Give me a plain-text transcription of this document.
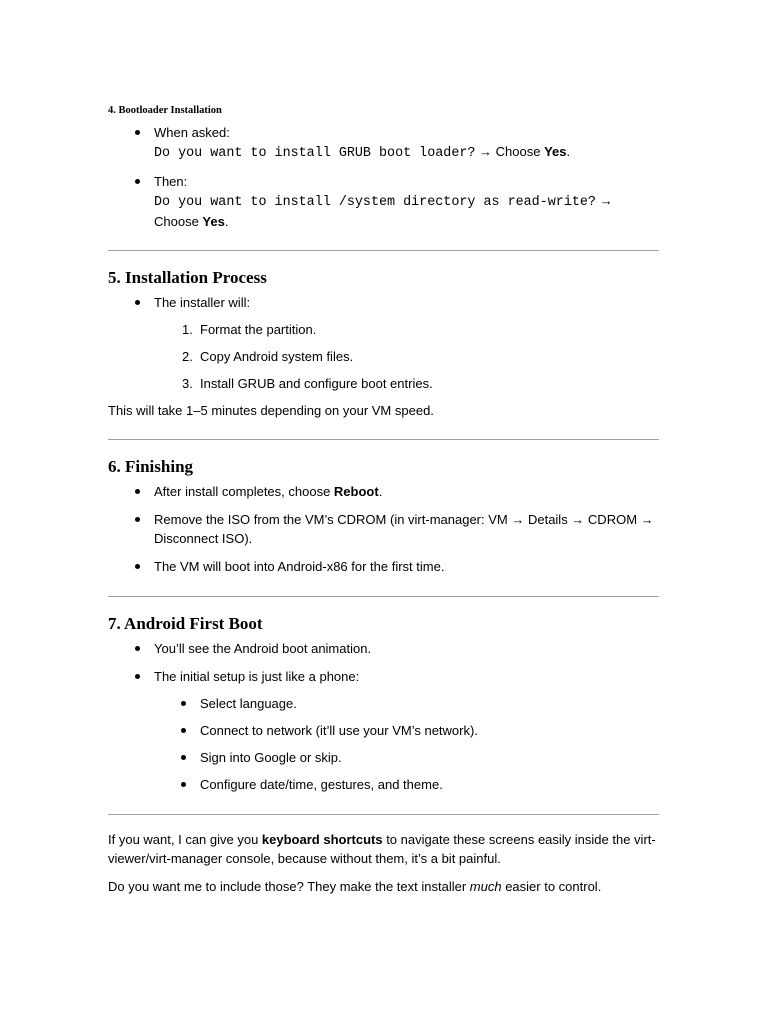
4. Bootloader Installation
When asked:
Do you want to install GRUB boot loader? → Choose Yes.
Then:
Do you want to install /system directory as read-write? →
Choose Yes.
5. Installation Process
The installer will:
1. Format the partition.
2. Copy Android system files.
3. Install GRUB and configure boot entries.

This will take 1–5 minutes depending on your VM speed.

6. Finishing
After install completes, choose Reboot.
Remove the ISO from the VM’s CDROM (in virt-manager: VM → Details → CDROM →
Disconnect ISO).
The VM will boot into Android-x86 for the first time.
7. Android First Boot
You’ll see the Android boot animation.
The initial setup is just like a phone:
Select language.
Connect to network (it’ll use your VM’s network).
Sign into Google or skip.
Configure date/time, gestures, and theme.

If you want, I can give you keyboard shortcuts to navigate these screens easily inside the virt-
viewer/virt-manager console, because without them, it’s a bit painful.

Do you want me to include those? They make the text installer much easier to control.
